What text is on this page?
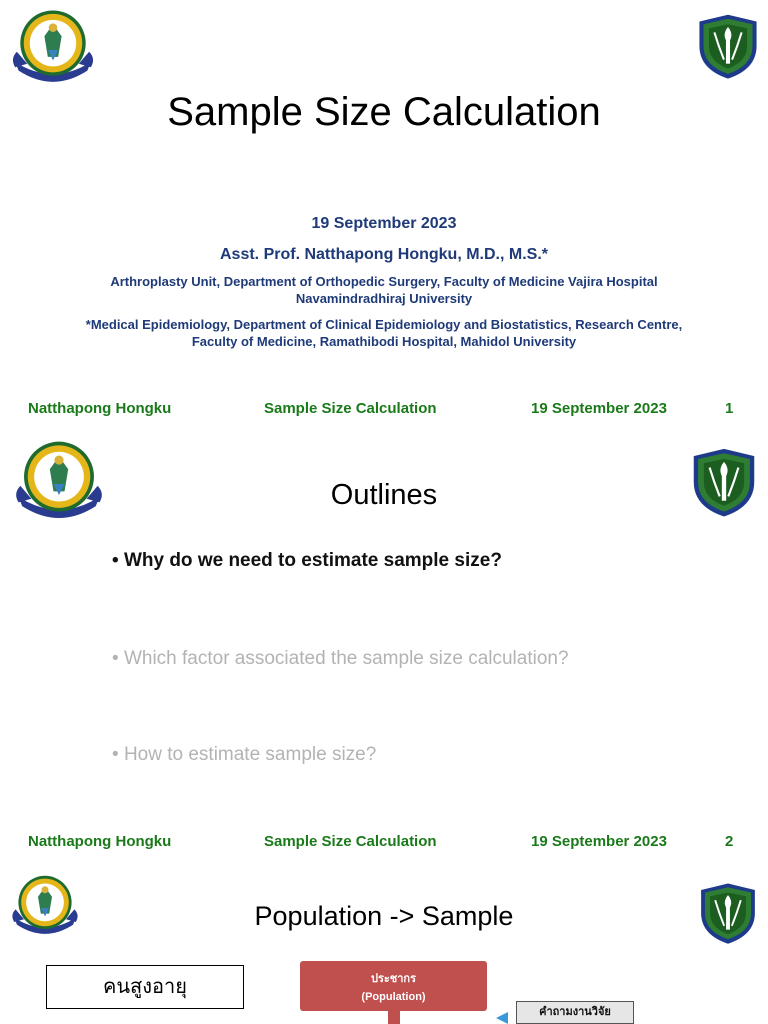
Sample Size Calculation
19 September 2023
Asst. Prof. Natthapong Hongku, M.D., M.S.*
Arthroplasty Unit, Department of Orthopedic Surgery, Faculty of Medicine Vajira Hospital
Navamindradhiraj University
*Medical Epidemiology, Department of Clinical Epidemiology and Biostatistics, Research Centre,
Faculty of Medicine, Ramathibodi Hospital, Mahidol University
Natthapong Hongku	Sample Size Calculation	19 September 2023	1
Outlines
• Why do we need to estimate sample size?
• Which factor associated the sample size calculation?
• How to estimate sample size?
Natthapong Hongku	Sample Size Calculation	19 September 2023	2
Population -> Sample
คนสูงอายุ	ประชากร
(Population)
คำถามงานวิจัย
